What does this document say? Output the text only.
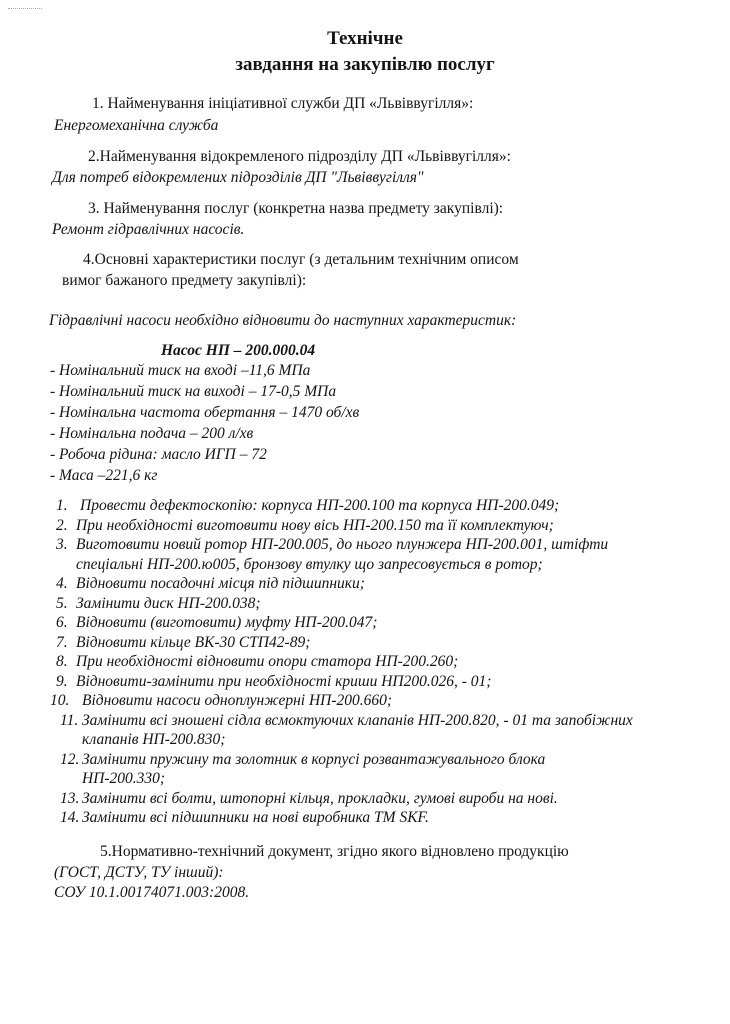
Технічне
завдання на закупівлю послуг
1. Найменування ініціативної служби ДП «Львіввугілля»:
Енергомеханічна служба
2.Найменування відокремленого підрозділу ДП «Львіввугілля»:
Для потреб відокремлених підрозділів ДП "Львіввугілля"
3. Найменування послуг (конкретна назва предмету закупівлі):
Ремонт гідравлічних насосів.
4.Основні характеристики послуг (з детальним технічним описом
вимог бажаного предмету закупівлі):
Гідравлічні насоси необхідно відновити до наступних характеристик:
Насос НП – 200.000.04
- Номінальний тиск на вході –11,6 МПа
- Номінальний тиск на виході – 17-0,5 МПа
- Номінальна частота обертання – 1470 об/хв
- Номінальна подача – 200 л/хв
- Робоча рідина: масло ИГП – 72
- Маса –221,6 кг
1. Провести дефектоскопію: корпуса НП-200.100 та корпуса НП-200.049;
2. При необхідності виготовити нову вісь НП-200.150 та її комплектуюч;
3. Виготовити новий ротор НП-200.005, до нього плунжера НП-200.001, штіфти спеціальні НП-200.ю005, бронзову втулку що запресовується в ротор;
4. Відновити посадочні місця під підшипники;
5. Замінити диск НП-200.038;
6. Відновити (виготовити) муфту НП-200.047;
7. Відновити кільце ВК-30 СТП42-89;
8. При необхідності відновити опори статора НП-200.260;
9. Відновити-замінити при необхідності криши НП200.026, - 01;
10. Відновити насоси одноплунжерні НП-200.660;
11. Замінити всі зношені сідла всмоктуючих клапанів НП-200.820, - 01 та запобіжних клапанів НП-200.830;
12. Замінити пружину та золотник в корпусі розвантажувального блока НП-200.330;
13. Замінити всі болти, штопорні кільця, прокладки, гумові вироби на нові.
14. Замінити всі підшипники на нові виробника ТМ SKF.
5.Нормативно-технічний документ, згідно якого відновлено продукцію
(ГОСТ, ДСТУ, ТУ інший):
СОУ 10.1.00174071.003:2008.
